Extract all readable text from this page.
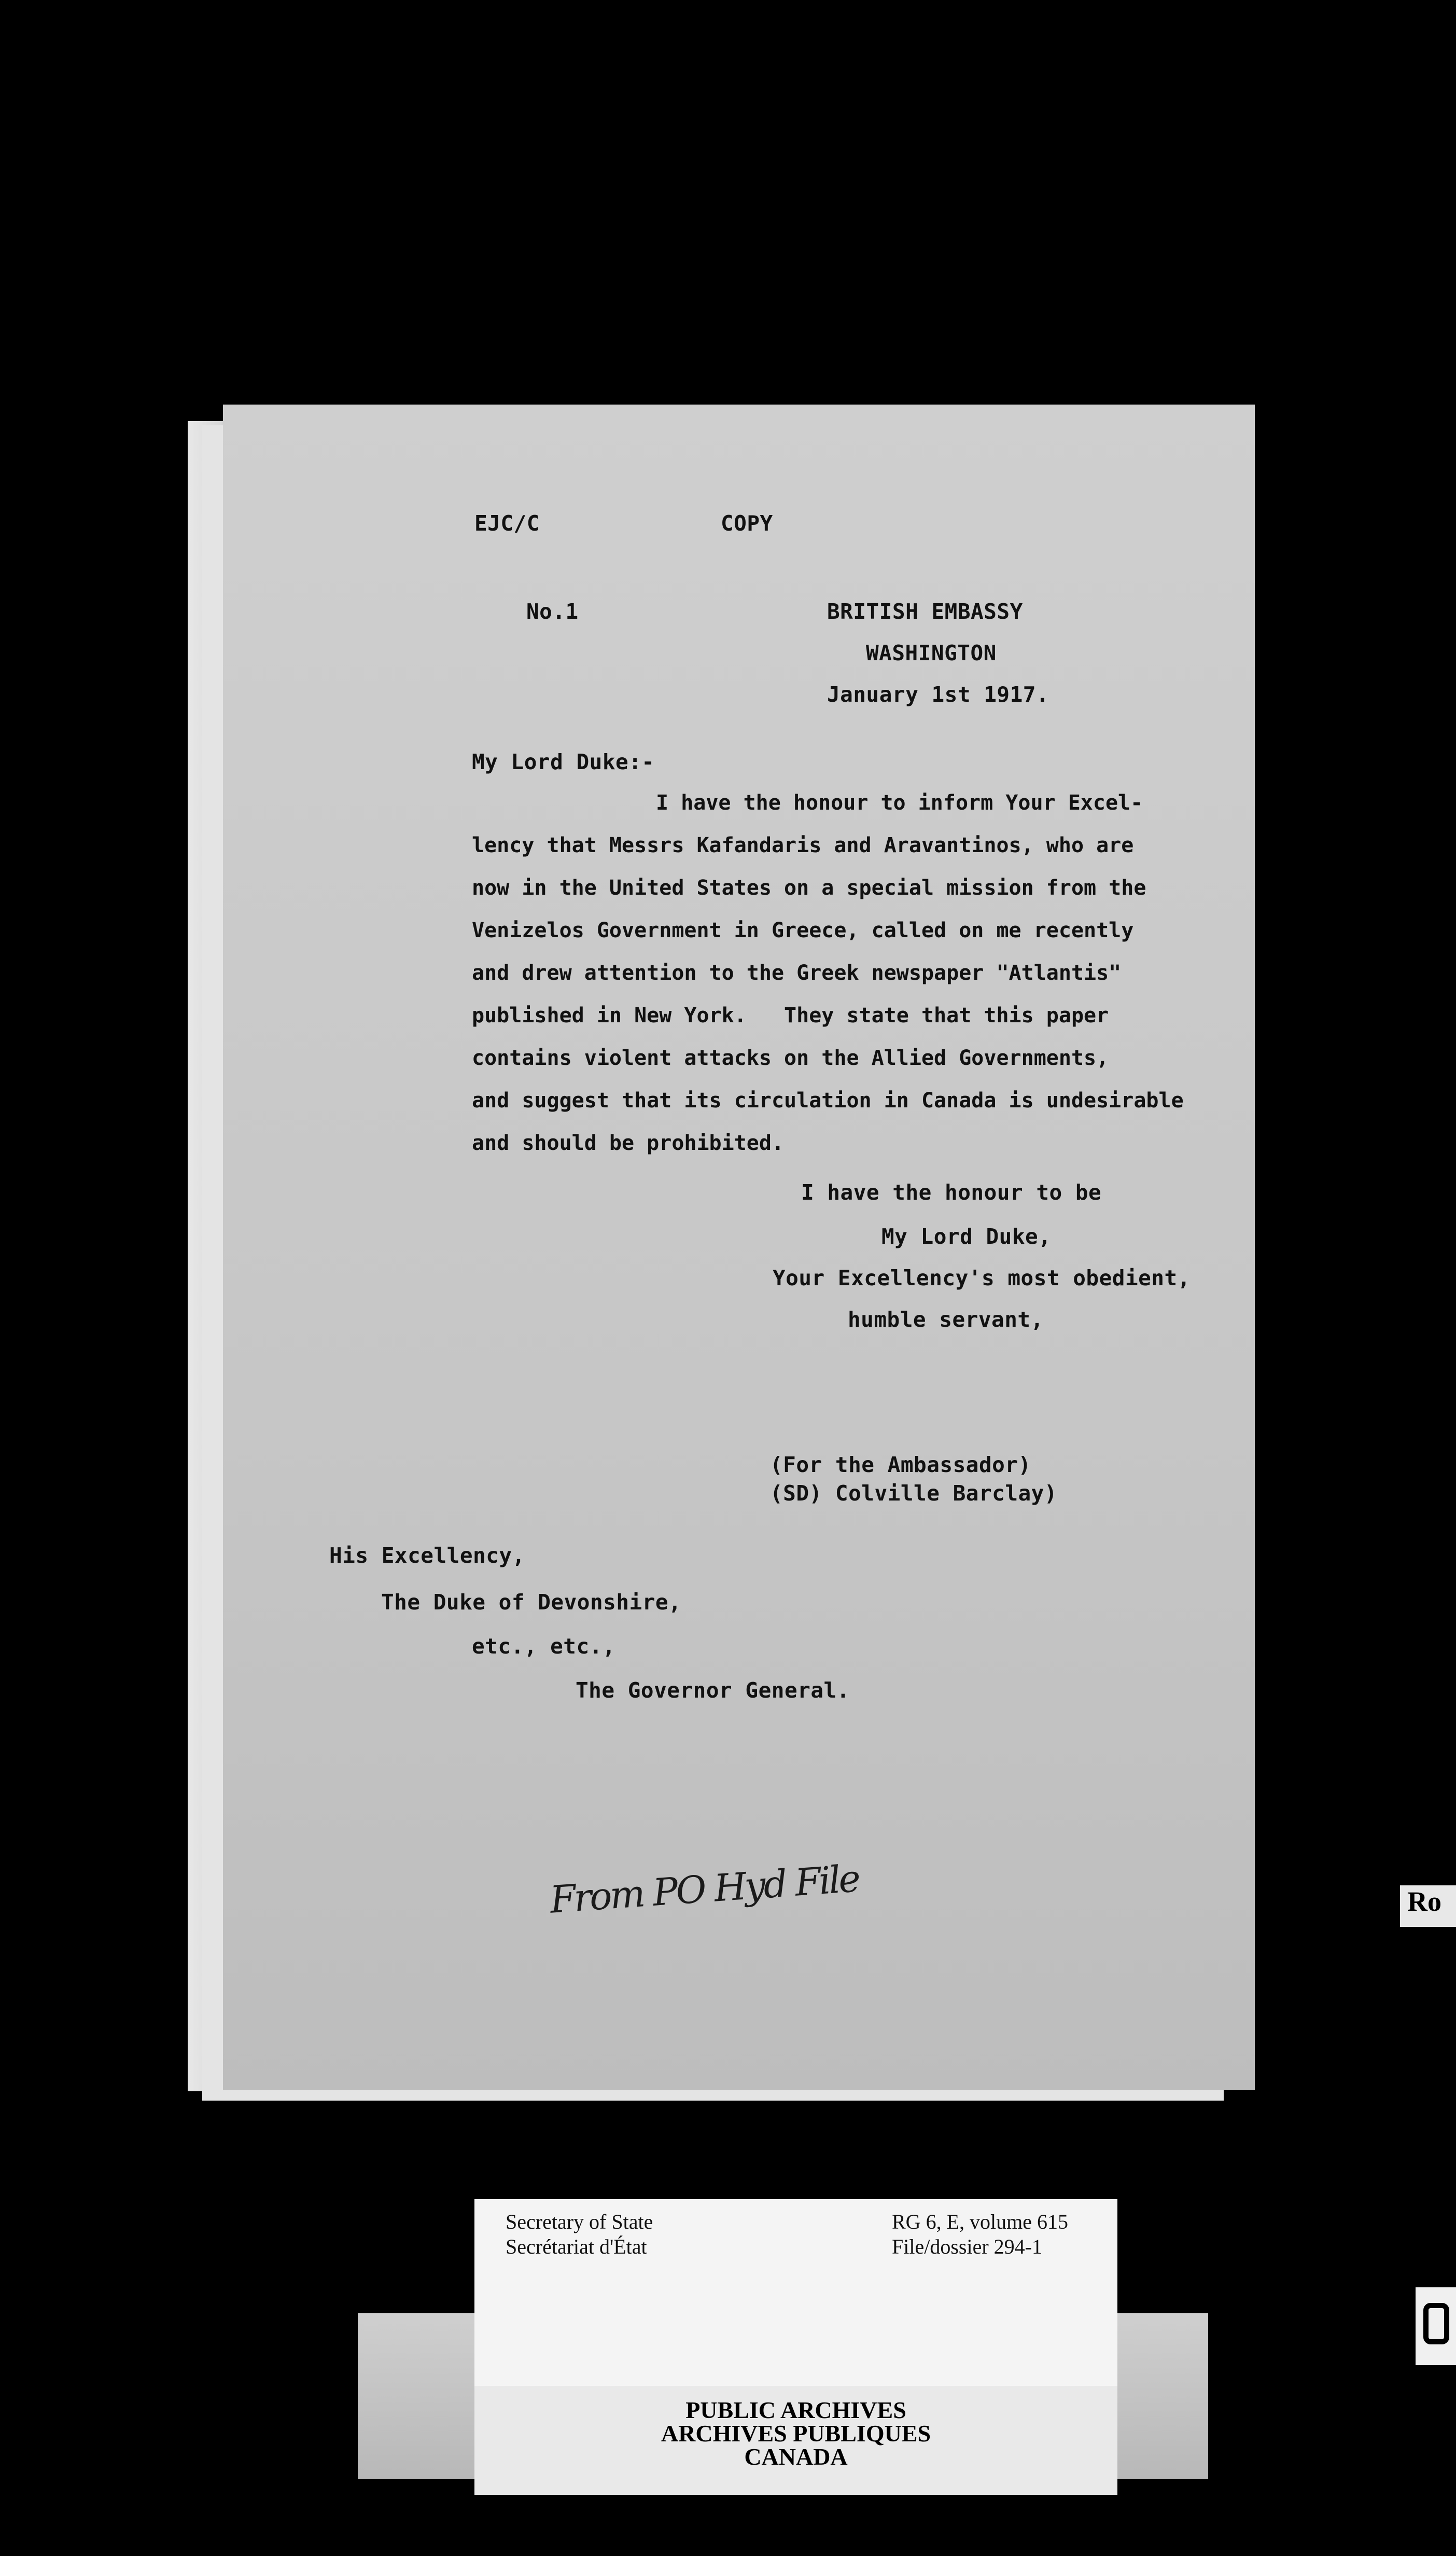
EJC/C	COPY
No.1	BRITISH EMBASSY
WASHINGTON
January 1st 1917.
My Lord Duke:-
I have the honour to inform Your Excel-
lency that Messrs Kafandaris and Aravantinos, who are
now in the United States on a special mission from the
Venizelos Government in Greece, called on me recently
and drew attention to the Greek newspaper "Atlantis"
published in New York.   They state that this paper
contains violent attacks on the Allied Governments,
and suggest that its circulation in Canada is undesirable
and should be prohibited.
I have the honour to be
My Lord Duke,
Your Excellency's most obedient,
humble servant,
(For the Ambassador)
(SD) Colville Barclay)
His Excellency,
The Duke of Devonshire,
etc., etc.,
The Governor General.
From PO Hyd File	Ro
Secretary of State
Secrétariat d'État
RG 6, E, volume 615
File/dossier 294-1
PUBLIC ARCHIVES
ARCHIVES PUBLIQUES
CANADA
